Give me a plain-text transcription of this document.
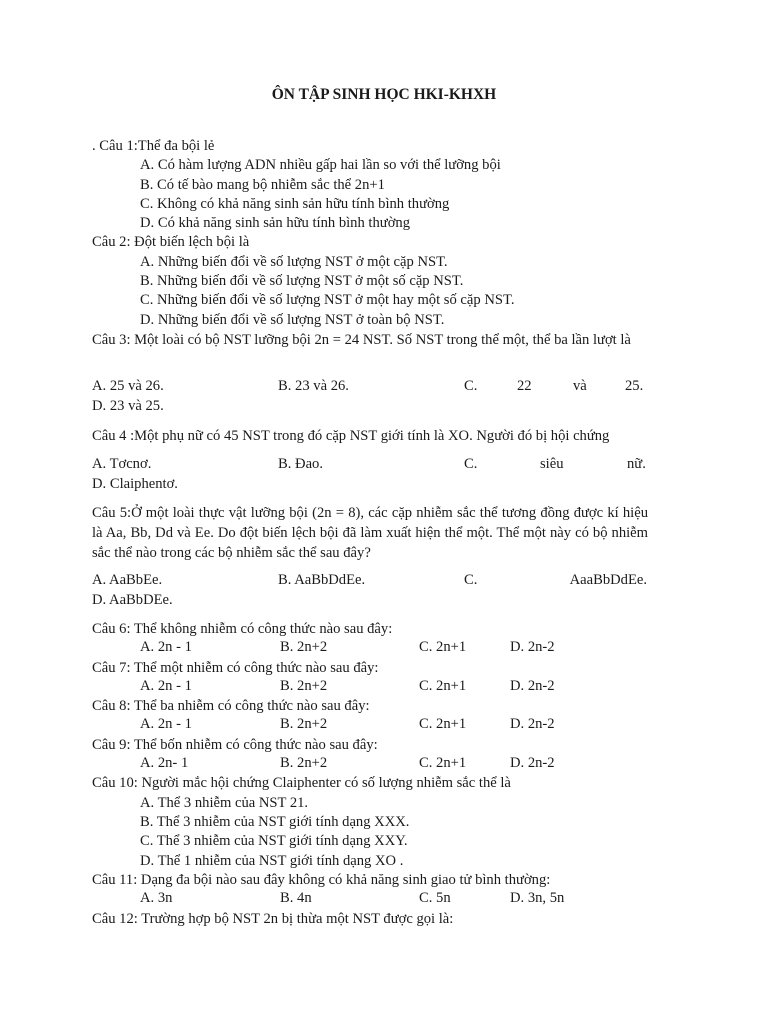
ÔN TẬP SINH HỌC HKI-KHXH
. Câu 1:Thể đa bội lẻ
A. Có hàm lượng ADN nhiều gấp hai lần so với thể lưỡng bội
B. Có tế bào mang bộ nhiễm sắc thể 2n+1
C. Không có khả năng sinh sản hữu tính bình thường
D. Có khả năng sinh sản hữu tính bình thường
Câu 2: Đột biến lệch bội là
A. Những biến đổi về số lượng NST ở một cặp NST.
B. Những biến đổi về số lượng NST ở một số cặp NST.
C. Những biến đổi về số lượng NST ở một hay một số cặp NST.
D. Những biến đổi về số lượng NST ở toàn bộ NST.
Câu 3: Một loài có bộ NST lưỡng bội 2n = 24 NST. Số NST trong thể một, thể ba lần lượt là
A. 25 và 26.	B. 23 và 26.	C.	22	và	25.
D. 23 và 25.
Câu 4 :Một phụ nữ có 45 NST trong đó cặp NST giới tính là XO. Người đó bị hội chứng
A. Tơcnơ.	B. Đao.	C.	siêu	nữ.
D. Claiphentơ.
Câu 5:Ở một loài thực vật lưỡng bội (2n = 8), các cặp nhiễm sắc thể tương đồng được kí hiệu là Aa, Bb, Dd và Ee. Do đột biến lệch bội đã làm xuất hiện thể một. Thể một này có bộ nhiễm sắc thể nào trong các bộ nhiễm sắc thể sau đây?
A. AaBbEe.	B. AaBbDdEe.	C.	AaaBbDdEe.
D. AaBbDEe.
Câu 6: Thể không nhiễm có công thức nào sau đây:
A. 2n - 1	B. 2n+2	C. 2n+1	D. 2n-2
Câu 7: Thể một nhiễm có công thức nào sau đây:
A. 2n - 1	B. 2n+2	C. 2n+1	D. 2n-2
Câu 8: Thể ba nhiễm có công thức nào sau đây:
A. 2n - 1	B. 2n+2	C. 2n+1	D. 2n-2
Câu 9: Thể bốn nhiễm có công thức nào sau đây:
A. 2n- 1	B. 2n+2	C. 2n+1	D. 2n-2
Câu 10: Người mắc hội chứng Claiphenter có số lượng nhiễm sắc thể là
A. Thể 3 nhiễm của NST 21.
B. Thể 3 nhiễm của NST giới tính dạng XXX.
C. Thể 3 nhiễm của NST giới tính dạng XXY.
D. Thể 1 nhiễm của NST giới tính dạng XO .
Câu 11: Dạng đa bội nào sau đây không có khả năng sinh giao tử bình thường:
A. 3n	B. 4n	C. 5n	D. 3n, 5n
Câu 12: Trường hợp bộ NST 2n bị thừa một NST được gọi là:
